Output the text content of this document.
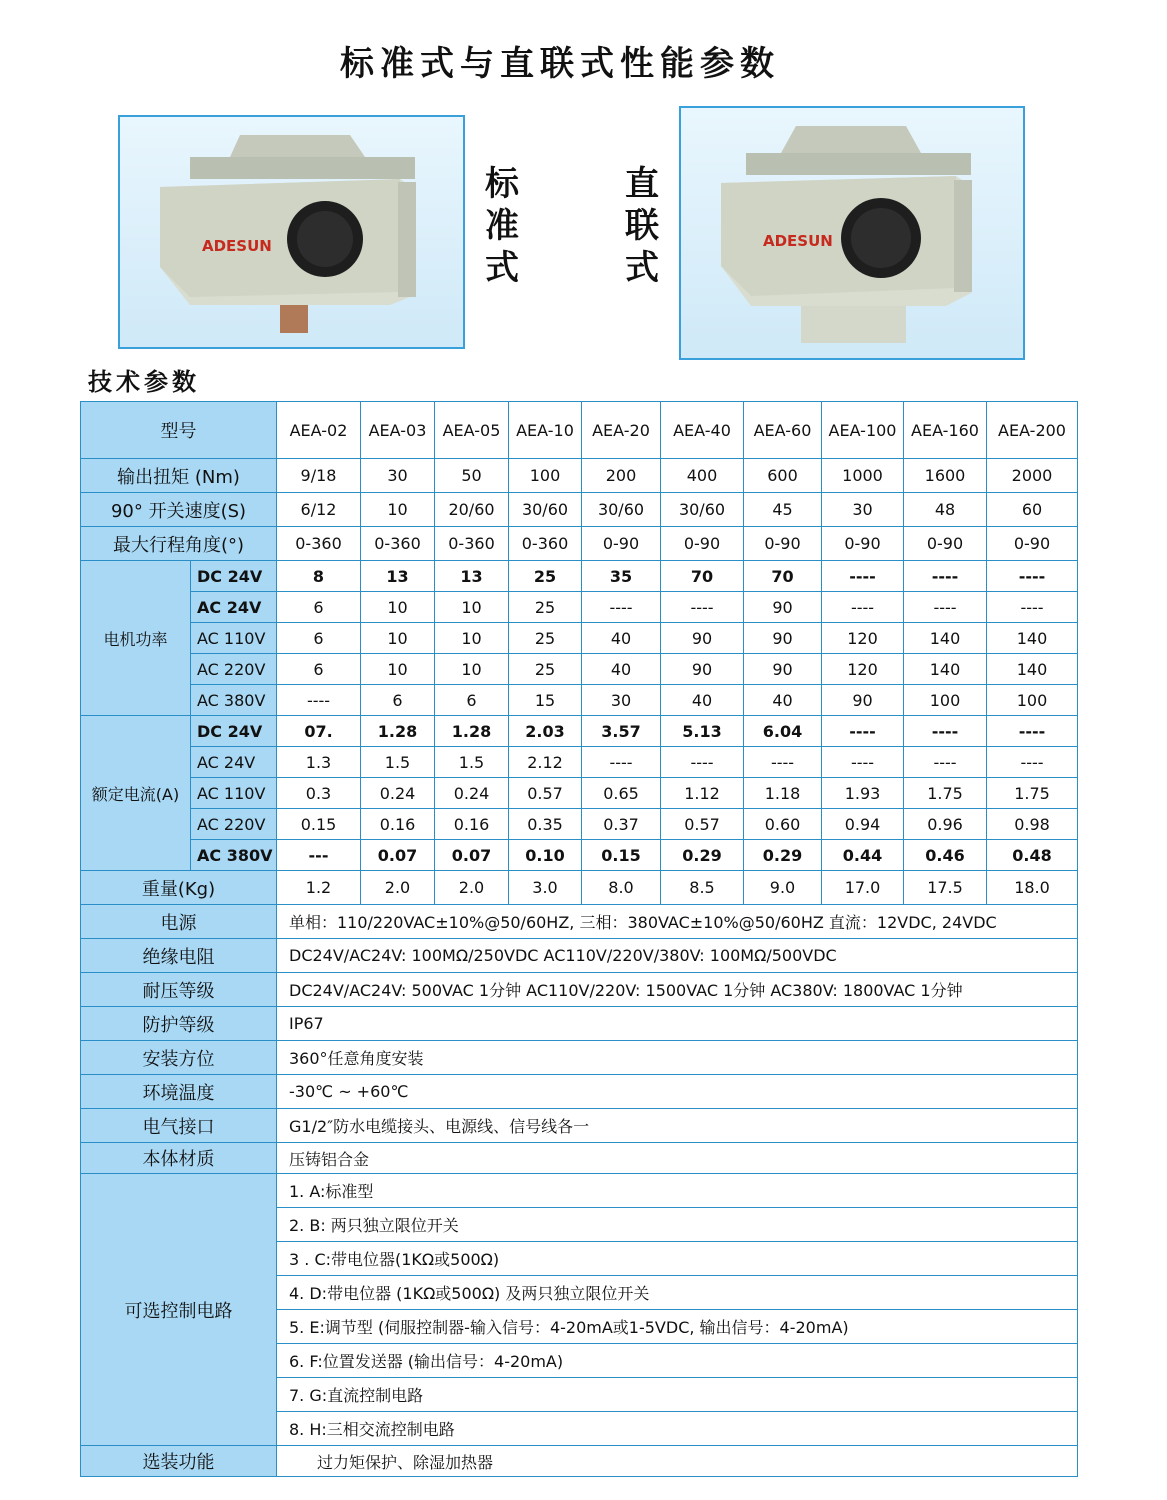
标准式与直联式性能参数
ADESUN
标
准
式
直
联
式
ADESUN
技术参数
型号		AEA-02	AEA-03	AEA-05	AEA-10	AEA-20	AEA-40	AEA-60	AEA-100	AEA-160	AEA-200
输出扭矩 (Nm)		9/18	30	50	100	200	400	600	1000	1600	2000
90° 开关速度(S)		6/12	10	20/60	30/60	30/60	30/60	45	30	48	60
最大行程角度(°)		0-360	0-360	0-360	0-360	0-90	0-90	0-90	0-90	0-90	0-90
电机功率	DC 24V	8	13	13	25	35	70	70	----	----	----
	AC 24V	6	10	10	25	----	----	90	----	----	----
	AC 110V	6	10	10	25	40	90	90	120	140	140
	AC 220V	6	10	10	25	40	90	90	120	140	140
	AC 380V	----	6	6	15	30	40	40	90	100	100
额定电流(A)	DC 24V	07.	1.28	1.28	2.03	3.57	5.13	6.04	----	----	----
	AC 24V	1.3	1.5	1.5	2.12	----	----	----	----	----	----
	AC 110V	0.3	0.24	0.24	0.57	0.65	1.12	1.18	1.93	1.75	1.75
	AC 220V	0.15	0.16	0.16	0.35	0.37	0.57	0.60	0.94	0.96	0.98
	AC 380V	---	0.07	0.07	0.10	0.15	0.29	0.29	0.44	0.46	0.48
重量(Kg)		1.2	2.0	2.0	3.0	8.0	8.5	9.0	17.0	17.5	18.0
电源		单相：110/220VAC±10%@50/60HZ, 三相：380VAC±10%@50/60HZ 直流：12VDC, 24VDC									
绝缘电阻		DC24V/AC24V: 100MΩ/250VDC AC110V/220V/380V: 100MΩ/500VDC									
耐压等级		DC24V/AC24V: 500VAC 1分钟 AC110V/220V: 1500VAC 1分钟 AC380V: 1800VAC 1分钟									
防护等级		IP67									
安装方位		360°任意角度安装									
环境温度		-30℃ ~ +60℃									
电气接口		G1/2″防水电缆接头、电源线、信号线各一									
本体材质		压铸铝合金									
可选控制电路		1. A:标准型									
		2. B: 两只独立限位开关									
		3 . C:带电位器(1KΩ或500Ω)									
		4. D:带电位器 (1KΩ或500Ω) 及两只独立限位开关									
		5. E:调节型 (伺服控制器-输入信号：4-20mA或1-5VDC, 输出信号：4-20mA)									
		6. F:位置发送器 (输出信号：4-20mA)									
		7. G:直流控制电路									
		8. H:三相交流控制电路									
选装功能		过力矩保护、除湿加热器									
